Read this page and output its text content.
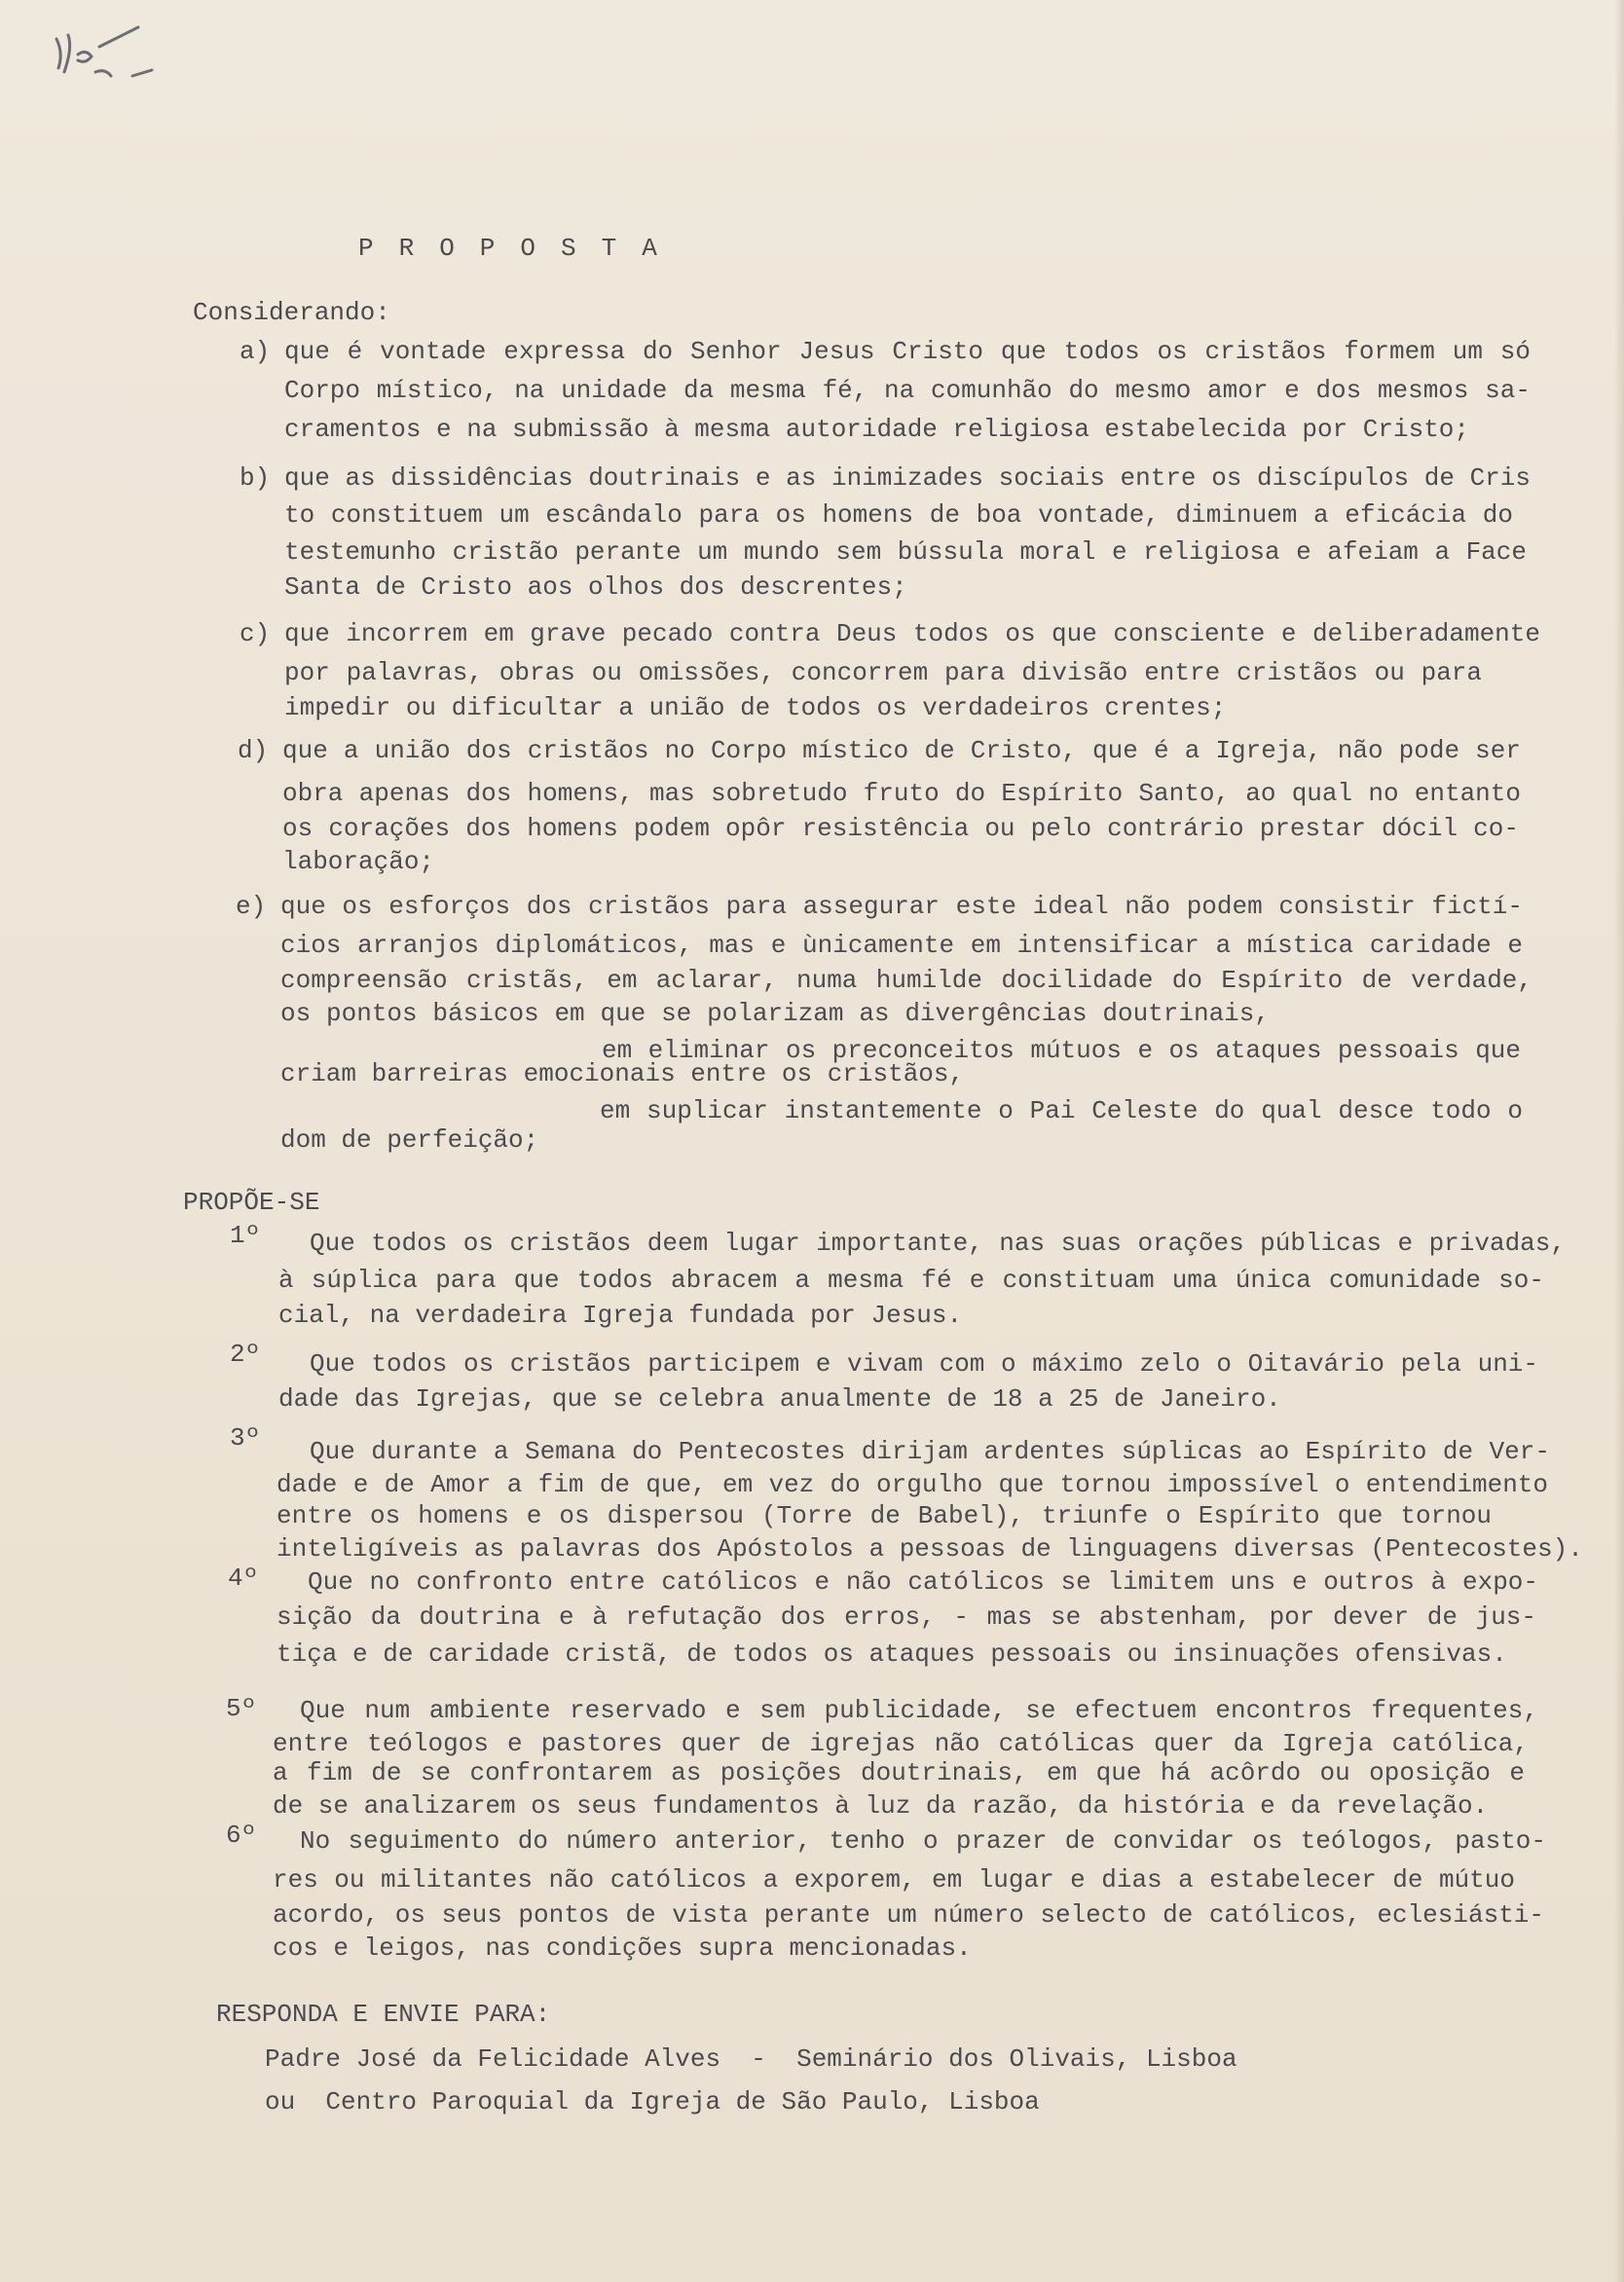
PROPOSTA
Considerando:
a) que é vontade expressa do Senhor Jesus Cristo que todos os cristãos formem um só
Corpo místico, na unidade da mesma fé, na comunhão do mesmo amor e dos mesmos sa-
cramentos e na submissão à mesma autoridade religiosa estabelecida por Cristo;
b) que as dissidências doutrinais e as inimizades sociais entre os discípulos de Cris
to constituem um escândalo para os homens de boa vontade, diminuem a eficácia do
testemunho cristão perante um mundo sem bússula moral e religiosa e afeiam a Face
Santa de Cristo aos olhos dos descrentes;
c) que incorrem em grave pecado contra Deus todos os que consciente e deliberadamente
por palavras, obras ou omissões, concorrem para divisão entre cristãos ou para
impedir ou dificultar a união de todos os verdadeiros crentes;
d) que a união dos cristãos no Corpo místico de Cristo, que é a Igreja, não pode ser
obra apenas dos homens, mas sobretudo fruto do Espírito Santo, ao qual no entanto
os corações dos homens podem opôr resistência ou pelo contrário prestar dócil co-
laboração;
e) que os esforços dos cristãos para assegurar este ideal não podem consistir fictí-
cios arranjos diplomáticos, mas e ùnicamente em intensificar a mística caridade e
compreensão cristãs, em aclarar, numa humilde docilidade do Espírito de verdade,
os pontos básicos em que se polarizam as divergências doutrinais,
em eliminar os preconceitos mútuos e os ataques pessoais que
criam barreiras emocionais entre os cristãos,
em suplicar instantemente o Pai Celeste do qual desce todo o
dom de perfeição;
PROPÕE-SE
1º Que todos os cristãos deem lugar importante, nas suas orações públicas e privadas,
à súplica para que todos abracem a mesma fé e constituam uma única comunidade so-
cial, na verdadeira Igreja fundada por Jesus.
2º Que todos os cristãos participem e vivam com o máximo zelo o Oitavário pela uni-
dade das Igrejas, que se celebra anualmente de 18 a 25 de Janeiro.
3º Que durante a Semana do Pentecostes dirijam ardentes súplicas ao Espírito de Ver-
dade e de Amor a fim de que, em vez do orgulho que tornou impossível o entendimento
entre os homens e os dispersou (Torre de Babel), triunfe o Espírito que tornou
inteligíveis as palavras dos Apóstolos a pessoas de linguagens diversas (Pentecostes).
4º Que no confronto entre católicos e não católicos se limitem uns e outros à expo-
sição da doutrina e à refutação dos erros, - mas se abstenham, por dever de jus-
tiça e de caridade cristã, de todos os ataques pessoais ou insinuações ofensivas.
5º Que num ambiente reservado e sem publicidade, se efectuem encontros frequentes,
entre teólogos e pastores quer de igrejas não católicas quer da Igreja católica,
a fim de se confrontarem as posições doutrinais, em que há acôrdo ou oposição e
de se analizarem os seus fundamentos à luz da razão, da história e da revelação.
6º No seguimento do número anterior, tenho o prazer de convidar os teólogos, pasto-
res ou militantes não católicos a exporem, em lugar e dias a estabelecer de mútuo
acordo, os seus pontos de vista perante um número selecto de católicos, eclesiásti-
cos e leigos, nas condições supra mencionadas.
RESPONDA E ENVIE PARA:
Padre José da Felicidade Alves  -  Seminário dos Olivais, Lisboa
ou  Centro Paroquial da Igreja de São Paulo, Lisboa
